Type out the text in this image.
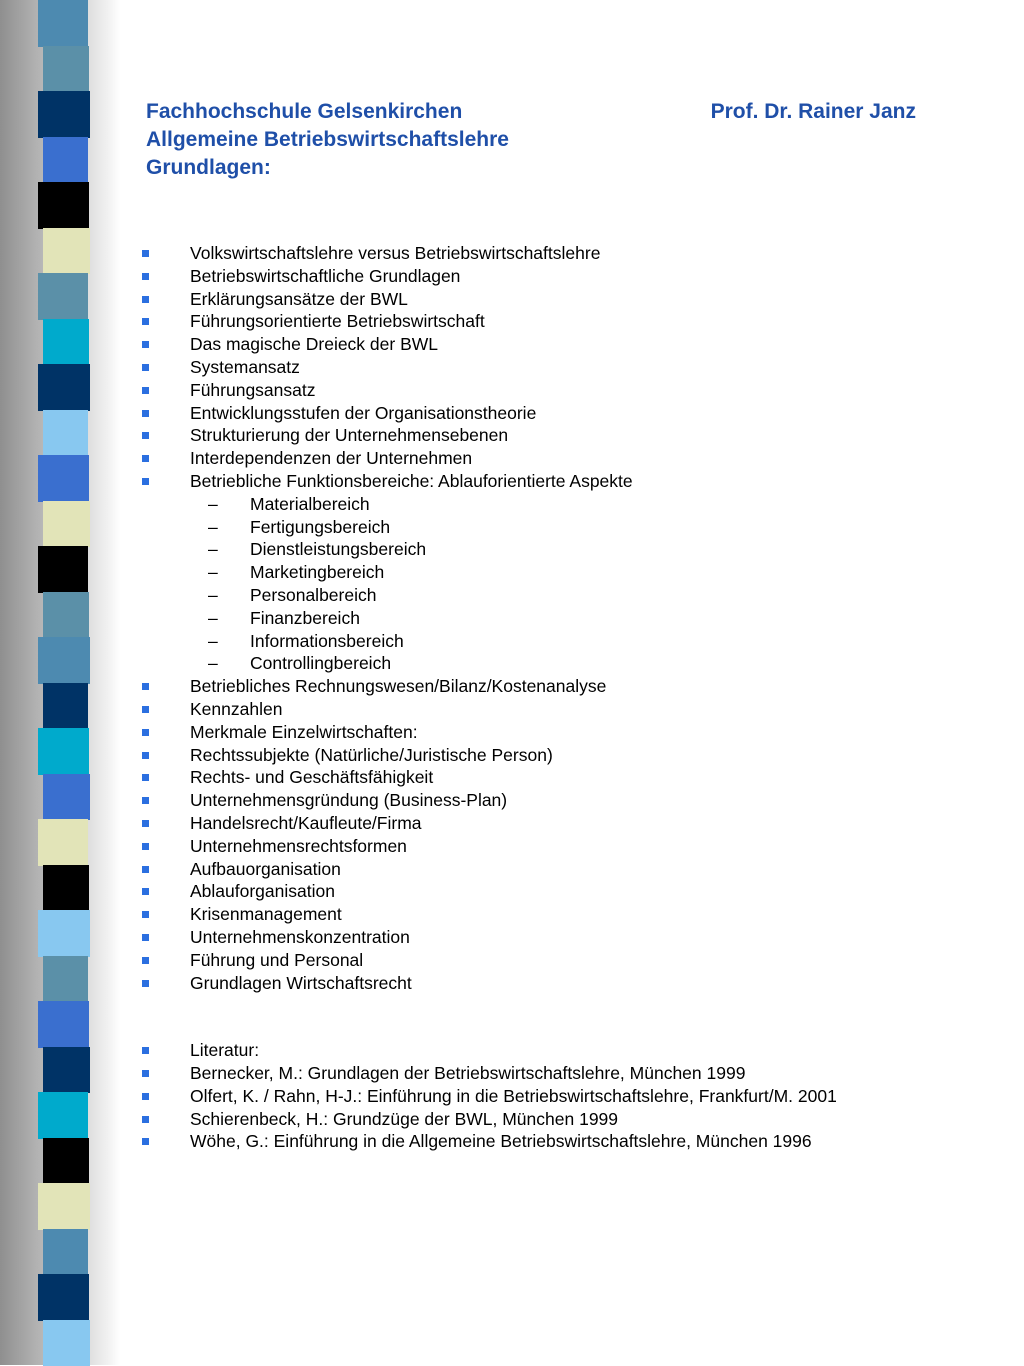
Fachhochschule Gelsenkirchen	Prof. Dr. Rainer Janz
Allgemeine Betriebswirtschaftslehre
Grundlagen:
Volkswirtschaftslehre versus Betriebswirtschaftslehre
Betriebswirtschaftliche Grundlagen
Erklärungsansätze der BWL
Führungsorientierte Betriebswirtschaft
Das magische Dreieck der BWL
Systemansatz
Führungsansatz
Entwicklungsstufen der Organisationstheorie
Strukturierung der Unternehmensebenen
Interdependenzen der Unternehmen
Betriebliche Funktionsbereiche: Ablauforientierte Aspekte
– Materialbereich
– Fertigungsbereich
– Dienstleistungsbereich
– Marketingbereich
– Personalbereich
– Finanzbereich
– Informationsbereich
– Controllingbereich
Betriebliches Rechnungswesen/Bilanz/Kostenanalyse
Kennzahlen
Merkmale Einzelwirtschaften:
Rechtssubjekte (Natürliche/Juristische Person)
Rechts- und Geschäftsfähigkeit
Unternehmensgründung (Business-Plan)
Handelsrecht/Kaufleute/Firma
Unternehmensrechtsformen
Aufbauorganisation
Ablauforganisation
Krisenmanagement
Unternehmenskonzentration
Führung und Personal
Grundlagen Wirtschaftsrecht
Literatur:
Bernecker, M.: Grundlagen der Betriebswirtschaftslehre, München 1999
Olfert, K. / Rahn, H-J.: Einführung in die Betriebswirtschaftslehre, Frankfurt/M. 2001
Schierenbeck, H.: Grundzüge der BWL, München 1999
Wöhe, G.: Einführung in die Allgemeine Betriebswirtschaftslehre, München 1996
